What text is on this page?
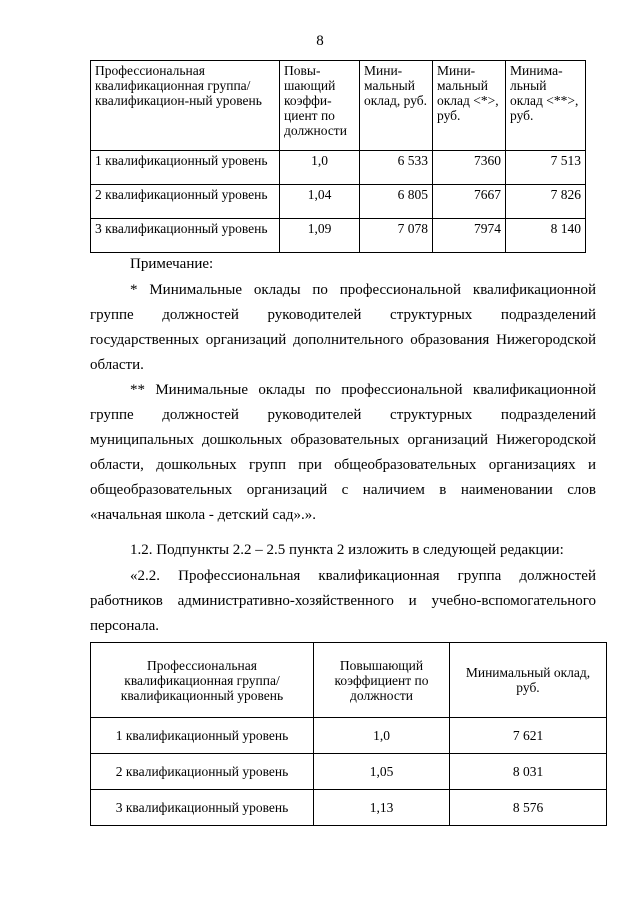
8
Профессиональная квалификационная группа/квалификацион-ный уровень	Повы-шающий коэффи-циент по должности	Мини-мальный оклад, руб.	Мини-мальный оклад <*>, руб.	Минима-льный оклад <**>, руб.
1 квалификационный уровень	1,0	6 533	7360	7 513
2 квалификационный уровень	1,04	6 805	7667	7 826
3 квалификационный уровень	1,09	7 078	7974	8 140
Примечание:
* Минимальные оклады по профессиональной квалификационной группе должностей руководителей структурных подразделений государственных организаций дополнительного образования Нижегородской области.
** Минимальные оклады по профессиональной квалификационной группе должностей руководителей структурных подразделений муниципальных дошкольных образовательных организаций Нижегородской области, дошкольных групп при общеобразовательных организациях и общеобразовательных организаций с наличием в наименовании слов «начальная школа - детский сад».».
1.2. Подпункты 2.2 – 2.5 пункта 2 изложить в следующей редакции:
«2.2. Профессиональная квалификационная группа должностей работников административно-хозяйственного и учебно-вспомогательного персонала.
Профессиональная квалификационная группа/квалификационный уровень	Повышающий коэффициент по должности	Минимальный оклад, руб.
1 квалификационный уровень	1,0	7 621
2 квалификационный уровень	1,05	8 031
3 квалификационный уровень	1,13	8 576
